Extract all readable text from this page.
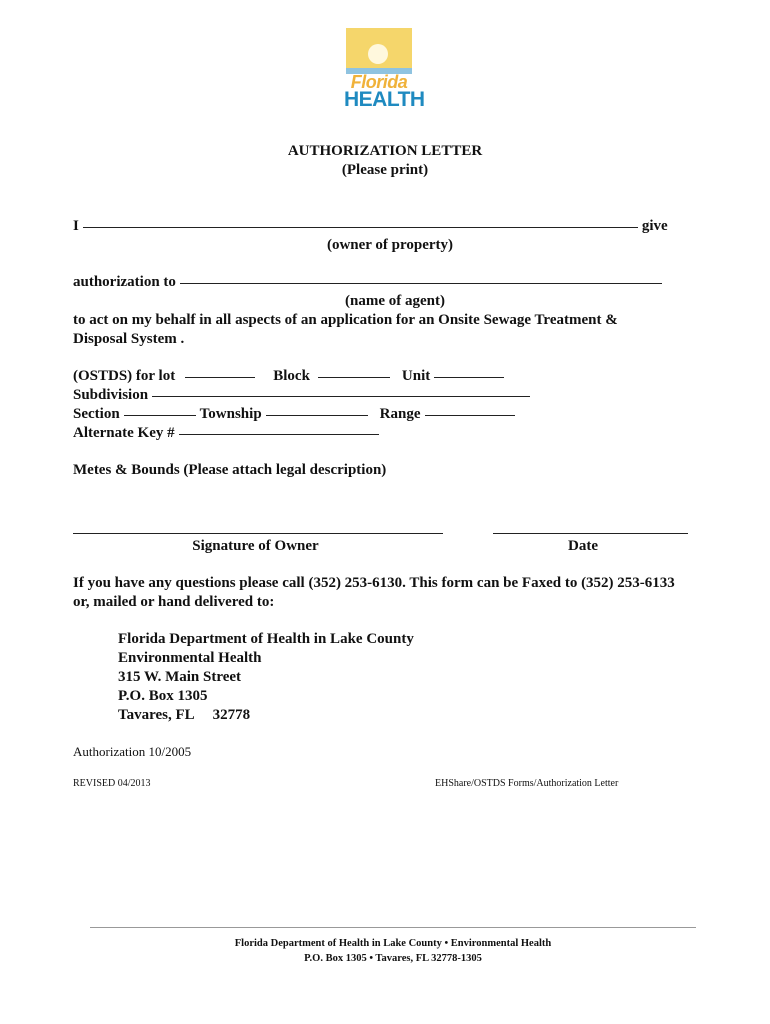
Florida
HEALTH
AUTHORIZATION LETTER
(Please print)
I	give
(owner of property)
authorization to
(name of agent)
to act on my behalf in all aspects of an application for an Onsite Sewage Treatment &
Disposal System .
(OSTDS) for lot	Block	Unit
Subdivision
Section	Township	Range
Alternate Key #
Metes & Bounds (Please attach legal description)
Signature of Owner	Date
If you have any questions please call (352) 253-6130. This form can be Faxed to (352) 253-6133
or, mailed or hand delivered to:
Florida Department of Health in Lake County
Environmental Health
315 W. Main Street
P.O. Box 1305
Tavares, FL     32778
Authorization 10/2005
REVISED 04/2013	EHShare/OSTDS Forms/Authorization Letter
Florida Department of Health in Lake County • Environmental Health
P.O. Box 1305 • Tavares, FL 32778-1305
